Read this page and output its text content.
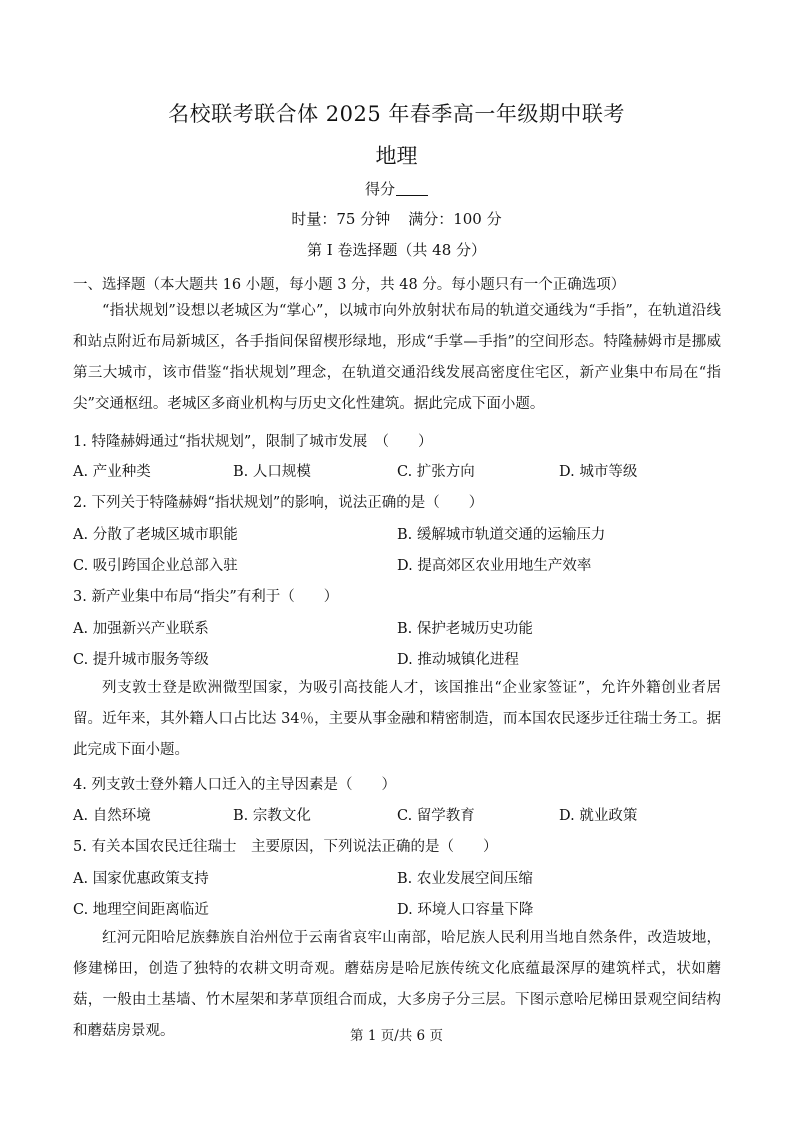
名校联考联合体 2025 年春季高一年级期中联考
地理
得分
时量：75 分钟 满分：100 分
第 I 卷选择题（共 48 分）
一、选择题（本大题共 16 小题，每小题 3 分，共 48 分。每小题只有一个正确选项）
“指状规划”设想以老城区为“掌心”，以城市向外放射状布局的轨道交通线为“手指”，在轨道沿线和站点附近布局新城区，各手指间保留楔形绿地，形成“手掌—手指”的空间形态。特隆赫姆市是挪威第三大城市，该市借鉴“指状规划”理念，在轨道交通沿线发展高密度住宅区，新产业集中布局在“指尖”交通枢纽。老城区多商业机构与历史文化性建筑。据此完成下面小题。
1. 特隆赫姆通过“指状规划”，限制了城市发展　（　　）
A. 产业种类	B. 人口规模	C. 扩张方向	D. 城市等级
2. 下列关于特隆赫姆“指状规划”的影响，说法正确的是（　　）
A. 分散了老城区城市职能	B. 缓解城市轨道交通的运输压力
C. 吸引跨国企业总部入驻	D. 提高郊区农业用地生产效率
3. 新产业集中布局“指尖”有利于（　　）
A. 加强新兴产业联系	B. 保护老城历史功能
C. 提升城市服务等级	D. 推动城镇化进程
列支敦士登是欧洲微型国家，为吸引高技能人才，该国推出“企业家签证”，允许外籍创业者居留。近年来，其外籍人口占比达 34％，主要从事金融和精密制造，而本国农民逐步迁往瑞士务工。据此完成下面小题。
4. 列支敦士登外籍人口迁入的主导因素是（　　）
A. 自然环境	B. 宗教文化	C. 留学教育	D. 就业政策
5. 有关本国农民迁往瑞士　主要原因，下列说法正确的是（　　）
A. 国家优惠政策支持	B. 农业发展空间压缩
C. 地理空间距离临近	D. 环境人口容量下降
红河元阳哈尼族彝族自治州位于云南省哀牢山南部，哈尼族人民利用当地自然条件，改造坡地，修建梯田，创造了独特的农耕文明奇观。蘑菇房是哈尼族传统文化底蕴最深厚的建筑样式，状如蘑菇，一般由土基墙、竹木屋架和茅草顶组合而成，大多房子分三层。下图示意哈尼梯田景观空间结构和蘑菇房景观。	第 1 页/共 6 页
